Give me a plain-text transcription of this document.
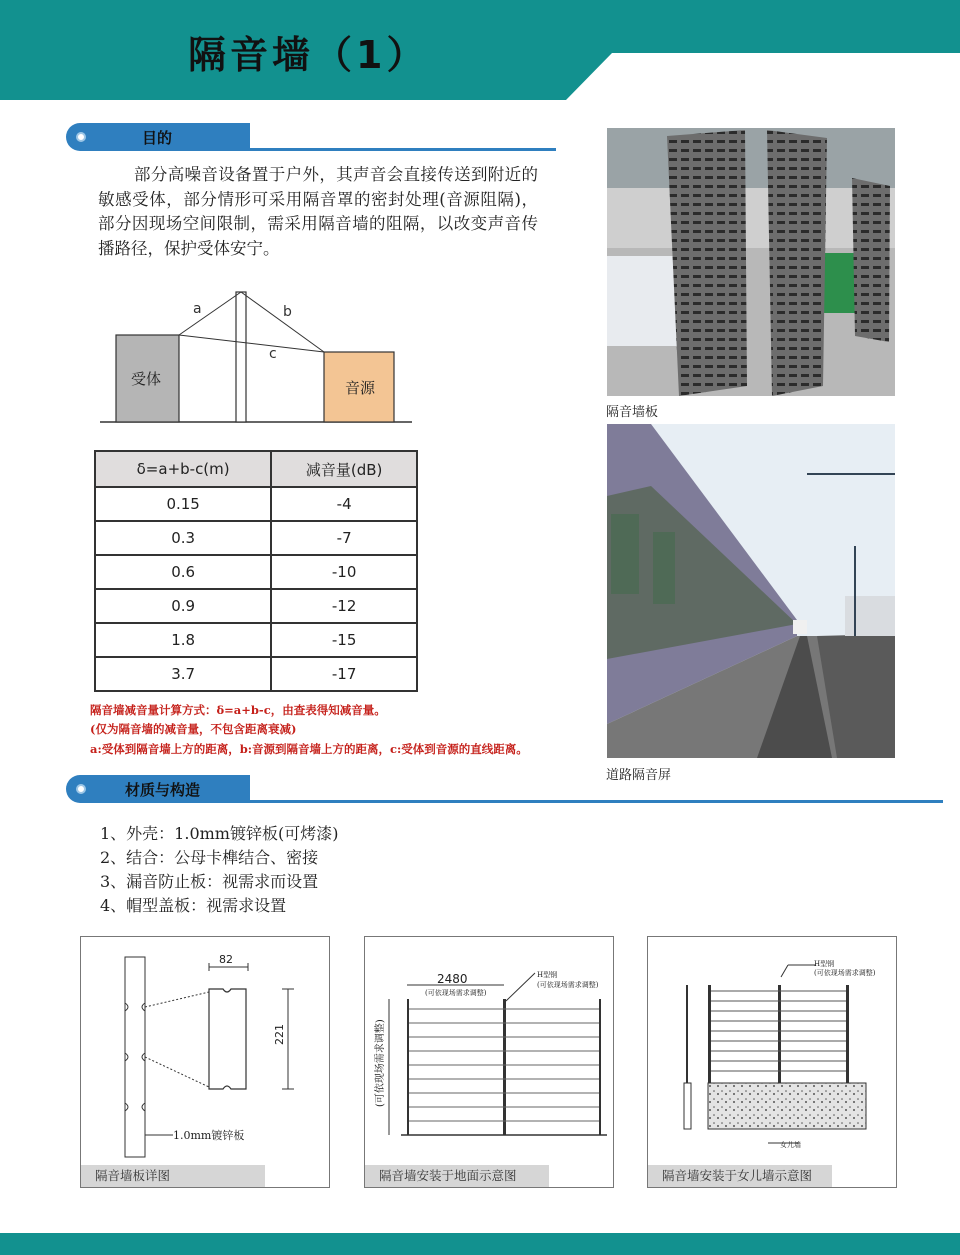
隔音墙（1）
目的
部分高噪音设备置于户外，其声音会直接传送到附近的敏感受体，部分情形可采用隔音罩的密封处理(音源阻隔)，部分因现场空间限制，需采用隔音墙的阻隔，以改变声音传播路径，保护受体安宁。
a	b
c
受体	音源
δ=a+b-c(m)	减音量(dB)
0.15	-4
0.3	-7
0.6	-10
0.9	-12
1.8	-15
3.7	-17
隔音墙减音量计算方式：δ=a+b-c，由查表得知减音量。
(仅为隔音墙的减音量，不包含距离衰减)
a:受体到隔音墙上方的距离，b:音源到隔音墙上方的距离，c:受体到音源的直线距离。
隔音墙板
道路隔音屏
材质与构造
1、外壳：1.0mm镀锌板(可烤漆)
2、结合：公母卡榫结合、密接
3、漏音防止板：视需求而设置
4、帽型盖板：视需求设置
82
221
1.0mm镀锌板
隔音墙板详图
2480
(可依现场需求调整)
(可依现场需求调整)
H型钢
(可依现场需求调整)
隔音墙安装于地面示意图
H型钢
(可依现场需求调整)
女儿墙
隔音墙安装于女儿墙示意图
